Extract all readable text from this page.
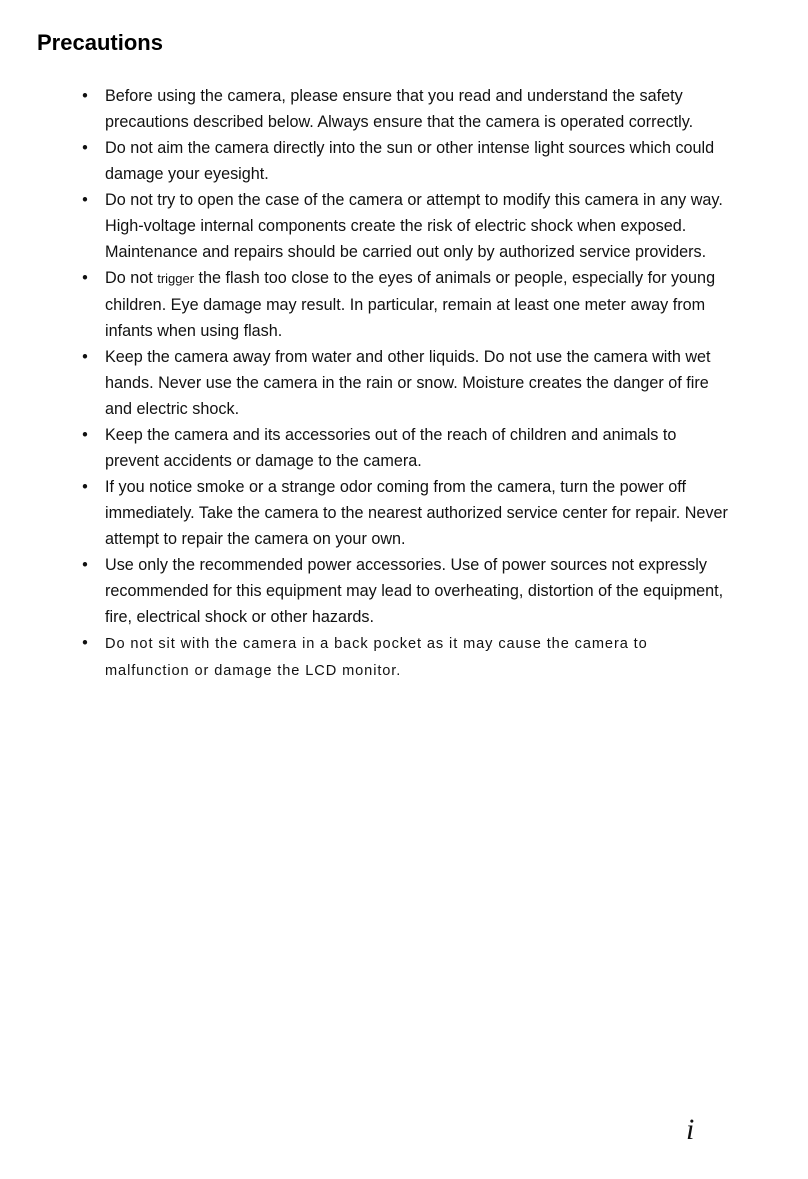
Precautions
• Before using the camera, please ensure that you read and understand the safety precautions described below. Always ensure that the camera is operated correctly.
• Do not aim the camera directly into the sun or other intense light sources which could damage your eyesight.
• Do not try to open the case of the camera or attempt to modify this camera in any way. High-voltage internal components create the risk of electric shock when exposed. Maintenance and repairs should be carried out only by authorized service providers.
• Do not trigger the flash too close to the eyes of animals or people, especially for young children. Eye damage may result. In particular, remain at least one meter away from infants when using flash.
• Keep the camera away from water and other liquids. Do not use the camera with wet hands. Never use the camera in the rain or snow. Moisture creates the danger of fire and electric shock.
• Keep the camera and its accessories out of the reach of children and animals to prevent accidents or damage to the camera.
• If you notice smoke or a strange odor coming from the camera, turn the power off immediately. Take the camera to the nearest authorized service center for repair. Never attempt to repair the camera on your own.
• Use only the recommended power accessories. Use of power sources not expressly recommended for this equipment may lead to overheating, distortion of the equipment, fire, electrical shock or other hazards.
• Do not sit with the camera in a back pocket as it may cause the camera to malfunction or damage the LCD monitor.
i
